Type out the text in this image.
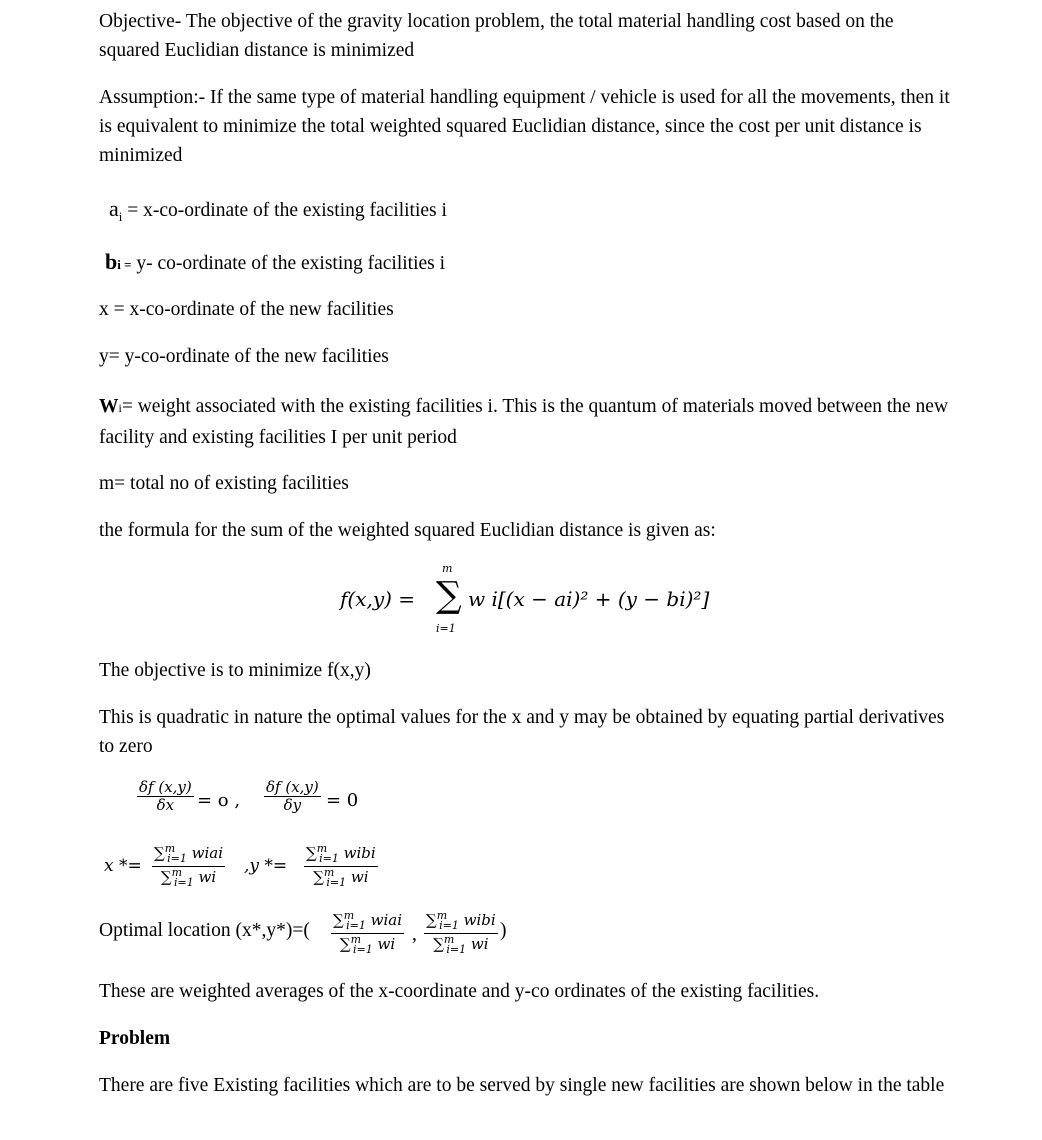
Objective- The objective of the gravity location problem, the total material handling cost based on the squared Euclidian distance is minimized

Assumption:- If the same type of material handling equipment / vehicle is used for all the movements, then it is equivalent to minimize the total weighted squared Euclidian distance, since the cost per unit distance is minimized

$a_i$ = x-co-ordinate of the existing facilities i
bi = y- co-ordinate of the existing facilities i

x = x-co-ordinate of the new facilities

y= y-co-ordinate of the new facilities

Wi= weight associated with the existing facilities i. This is the quantum of materials moved between the new facility and existing facilities I per unit period

m= total no of existing facilities

the formula for the sum of the weighted squared Euclidian distance is given as:

f(x,y) =
m
∑
i=1
w i[(x − ai)² + (y − bi)²]

The objective is to minimize f(x,y)

This is quadratic in nature the optimal values for the x and y may be obtained by equating partial derivatives to zero

$\frac{\delta f (x,y)}{\delta x} = o$ , $\frac{\delta f (x,y)}{\delta y} = 0$
x *=
∑$^m_{i=1}$ wiai
∑$^m_{i=1}$ wi
,y *=
∑$^m_{i=1}$ wibi
∑$^m_{i=1}$ wi
Optimal location (x*,y*)=( ∑$^m_{i=1}$ wiai
∑$^m_{i=1}$ wi ,
∑$^m_{i=1}$ wibi
∑$^m_{i=1}$ wi
)

These are weighted averages of the x-coordinate and y-co ordinates of the existing facilities.

Problem

There are five Existing facilities which are to be served by single new facilities are shown below in the table
